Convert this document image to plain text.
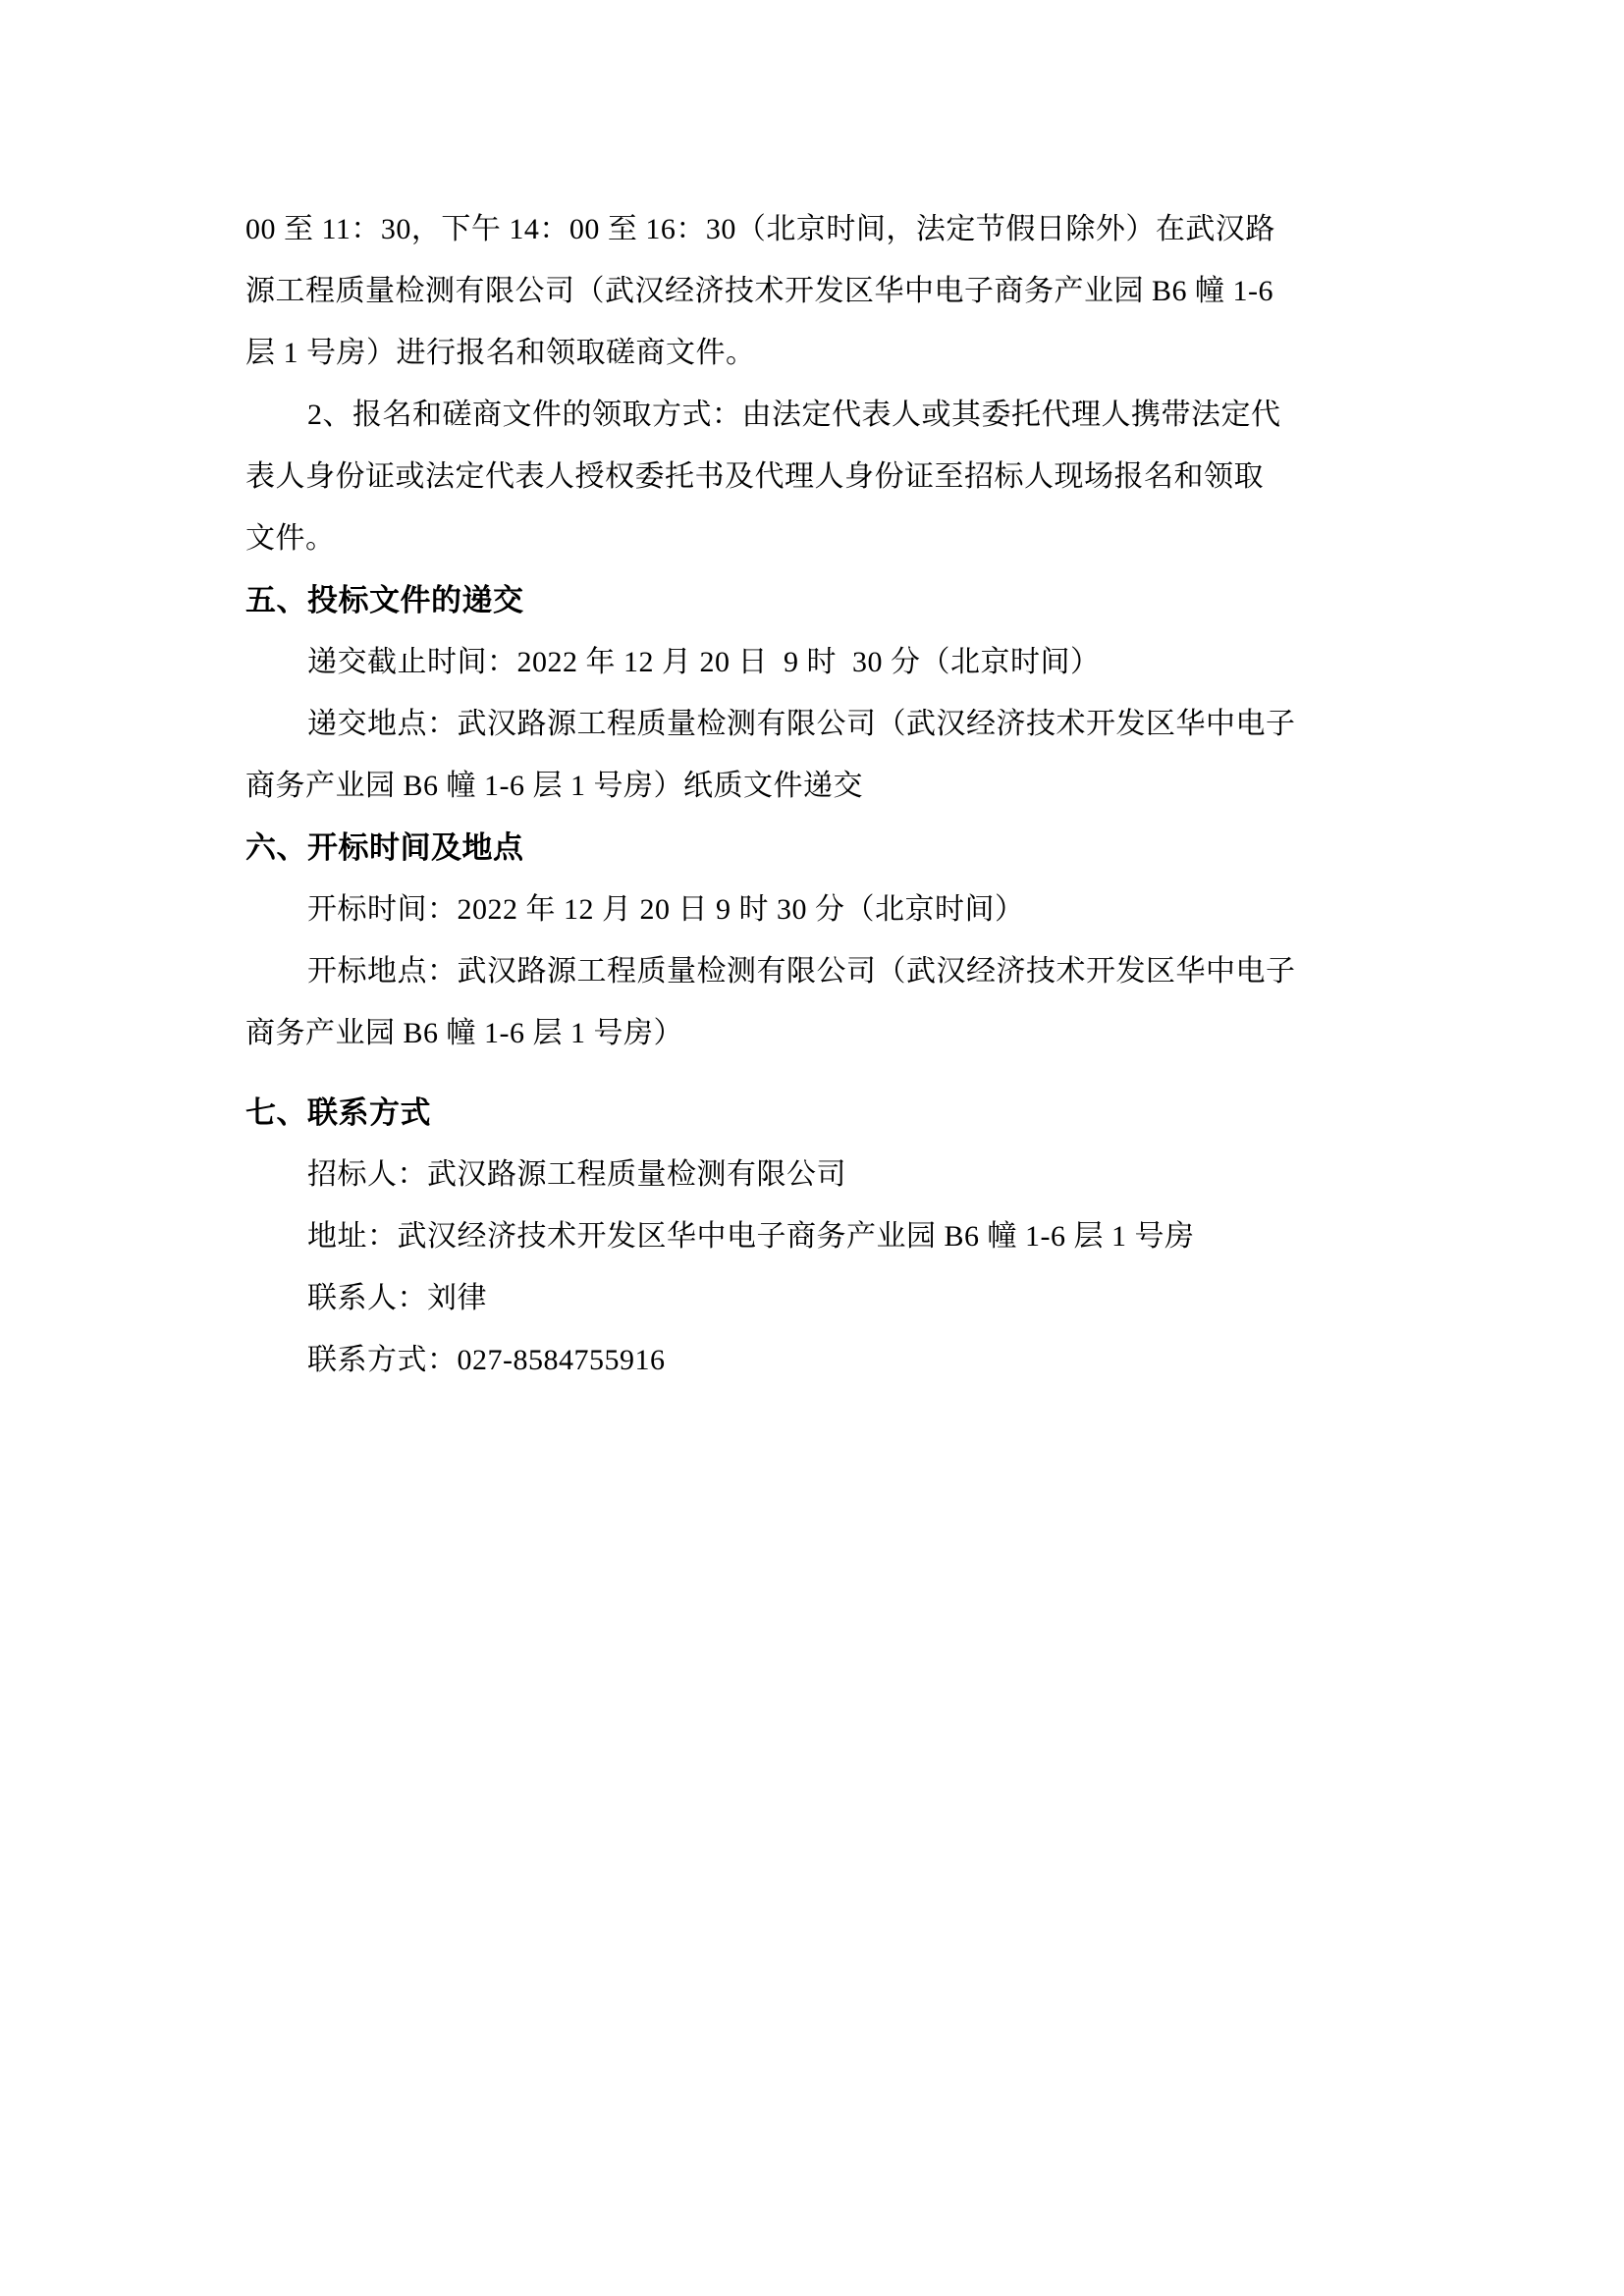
00 至 11：30，下午 14：00 至 16：30（北京时间，法定节假日除外）在武汉路
源工程质量检测有限公司（武汉经济技术开发区华中电子商务产业园 B6 幢 1-6
层 1 号房）进行报名和领取磋商文件。
2、报名和磋商文件的领取方式：由法定代表人或其委托代理人携带法定代
表人身份证或法定代表人授权委托书及代理人身份证至招标人现场报名和领取
文件。
五、投标文件的递交
递交截止时间：2022 年 12 月 20 日  9 时  30 分（北京时间）
递交地点：武汉路源工程质量检测有限公司（武汉经济技术开发区华中电子
商务产业园 B6 幢 1-6 层 1 号房）纸质文件递交
六、开标时间及地点
开标时间：2022 年 12 月 20 日 9 时 30 分（北京时间）
开标地点：武汉路源工程质量检测有限公司（武汉经济技术开发区华中电子
商务产业园 B6 幢 1-6 层 1 号房）
七、联系方式
招标人：武汉路源工程质量检测有限公司
地址：武汉经济技术开发区华中电子商务产业园 B6 幢 1-6 层 1 号房
联系人：刘律
联系方式：027-8584755916
